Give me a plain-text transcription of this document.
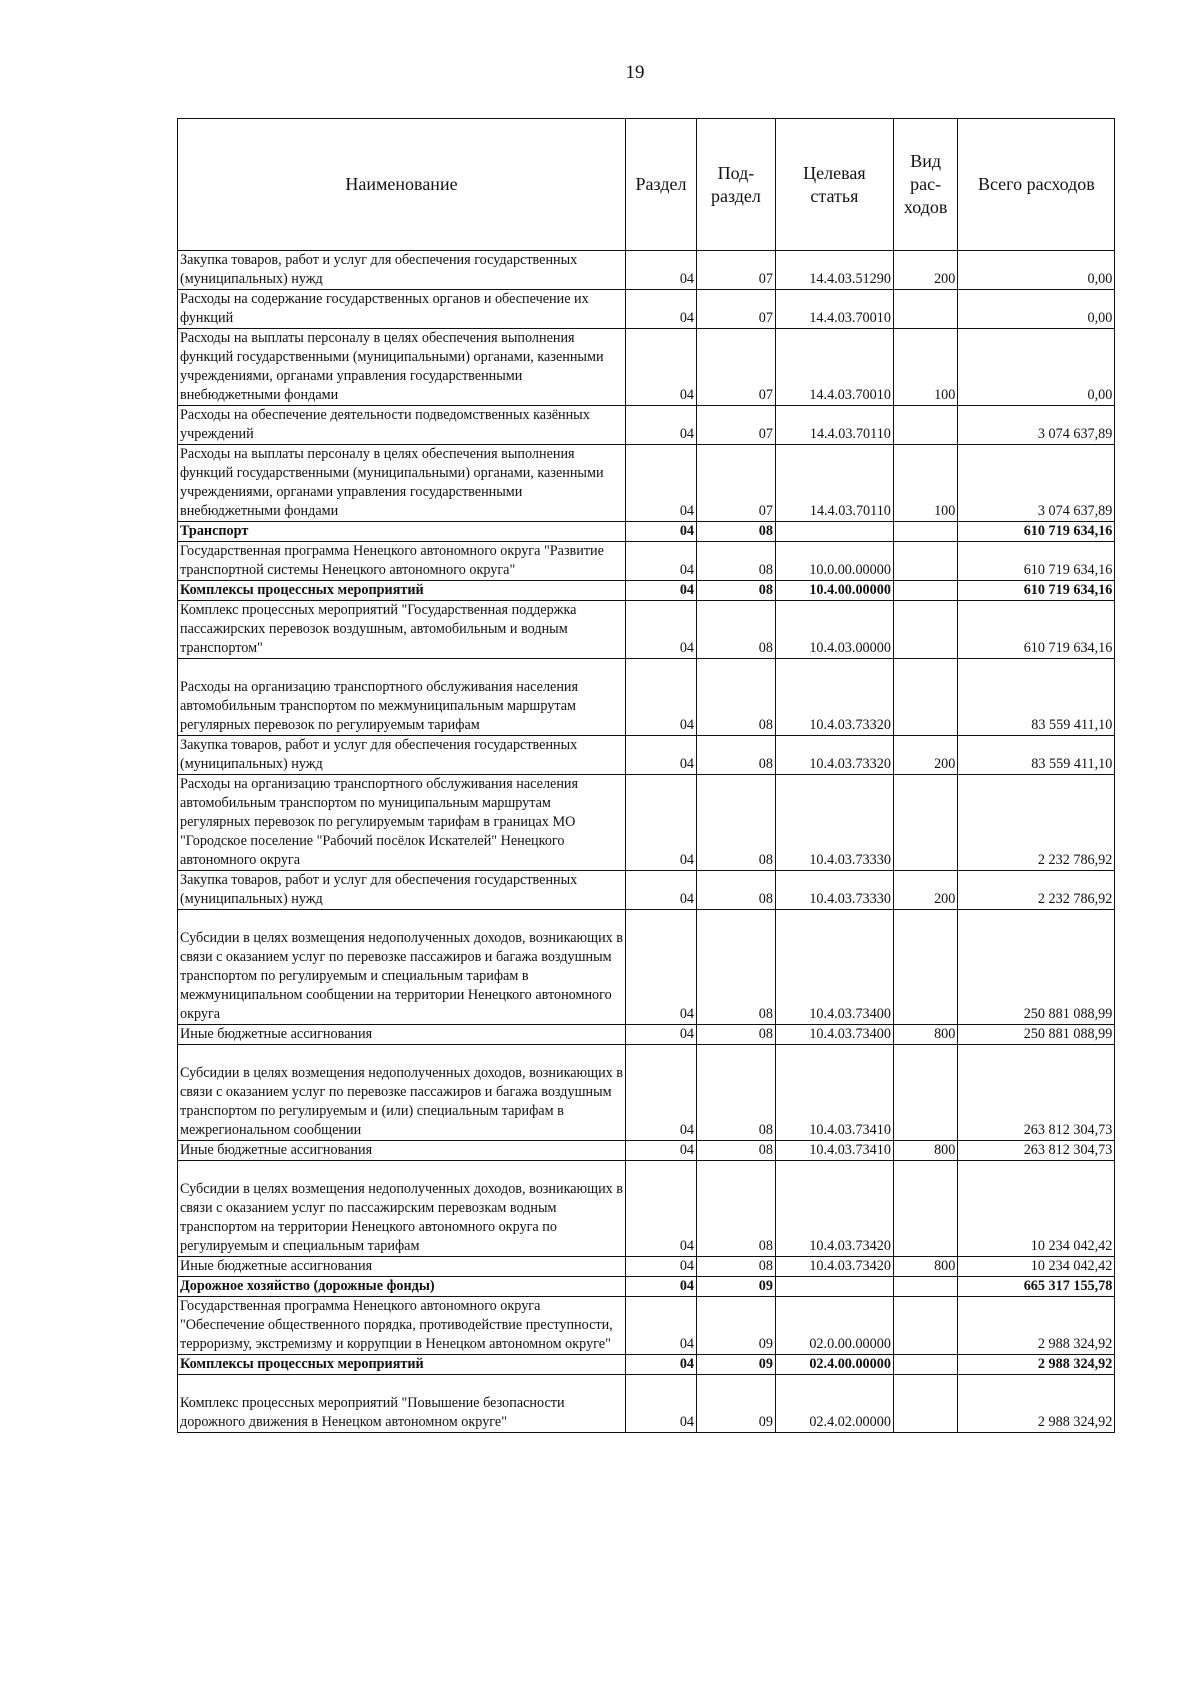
19
Наименование	Раздел	Под- раздел	Целевая статья	Вид рас- ходов	Всего расходов
Закупка товаров, работ и услуг для обеспечения государственных (муниципальных) нужд	04	07	14.4.03.51290	200	0,00
Расходы на содержание государственных органов и обеспечение их функций	04	07	14.4.03.70010		0,00
Расходы на выплаты персоналу в целях обеспечения выполнения функций государственными (муниципальными) органами, казенными учреждениями, органами управления государственными внебюджетными фондами	04	07	14.4.03.70010	100	0,00
Расходы на обеспечение деятельности подведомственных казённых учреждений	04	07	14.4.03.70110		3 074 637,89
Расходы на выплаты персоналу в целях обеспечения выполнения функций государственными (муниципальными) органами, казенными учреждениями, органами управления государственными внебюджетными фондами	04	07	14.4.03.70110	100	3 074 637,89
Транспорт	04	08			610 719 634,16
Государственная программа Ненецкого автономного округа "Развитие транспортной системы Ненецкого автономного округа"	04	08	10.0.00.00000		610 719 634,16
Комплексы процессных мероприятий	04	08	10.4.00.00000		610 719 634,16
Комплекс процессных мероприятий "Государственная поддержка пассажирских перевозок воздушным, автомобильным и водным транспортом"	04	08	10.4.03.00000		610 719 634,16
Расходы на организацию транспортного обслуживания населения автомобильным транспортом по межмуниципальным маршрутам регулярных перевозок по регулируемым тарифам	04	08	10.4.03.73320		83 559 411,10
Закупка товаров, работ и услуг для обеспечения государственных (муниципальных) нужд	04	08	10.4.03.73320	200	83 559 411,10
Расходы на организацию транспортного обслуживания населения автомобильным транспортом по муниципальным маршрутам регулярных перевозок по регулируемым тарифам в границах МО "Городское поселение "Рабочий посёлок Искателей" Ненецкого автономного округа	04	08	10.4.03.73330		2 232 786,92
Закупка товаров, работ и услуг для обеспечения государственных (муниципальных) нужд	04	08	10.4.03.73330	200	2 232 786,92
Субсидии в целях возмещения недополученных доходов, возникающих в связи с оказанием услуг по перевозке пассажиров и багажа воздушным транспортом по регулируемым и специальным тарифам в межмуниципальном сообщении на территории Ненецкого автономного округа	04	08	10.4.03.73400		250 881 088,99
Иные бюджетные ассигнования	04	08	10.4.03.73400	800	250 881 088,99
Субсидии в целях возмещения недополученных доходов, возникающих в связи с оказанием услуг по перевозке пассажиров и багажа воздушным транспортом по регулируемым и (или) специальным тарифам в межрегиональном сообщении	04	08	10.4.03.73410		263 812 304,73
Иные бюджетные ассигнования	04	08	10.4.03.73410	800	263 812 304,73
Субсидии в целях возмещения недополученных доходов, возникающих в связи с оказанием услуг по пассажирским перевозкам водным транспортом на территории Ненецкого автономного округа по регулируемым и специальным тарифам	04	08	10.4.03.73420		10 234 042,42
Иные бюджетные ассигнования	04	08	10.4.03.73420	800	10 234 042,42
Дорожное хозяйство (дорожные фонды)	04	09			665 317 155,78
Государственная программа Ненецкого автономного округа "Обеспечение общественного порядка, противодействие преступности, терроризму, экстремизму и коррупции в Ненецком автономном округе"	04	09	02.0.00.00000		2 988 324,92
Комплексы процессных мероприятий	04	09	02.4.00.00000		2 988 324,92
Комплекс процессных мероприятий "Повышение безопасности дорожного движения в Ненецком автономном округе"	04	09	02.4.02.00000		2 988 324,92
